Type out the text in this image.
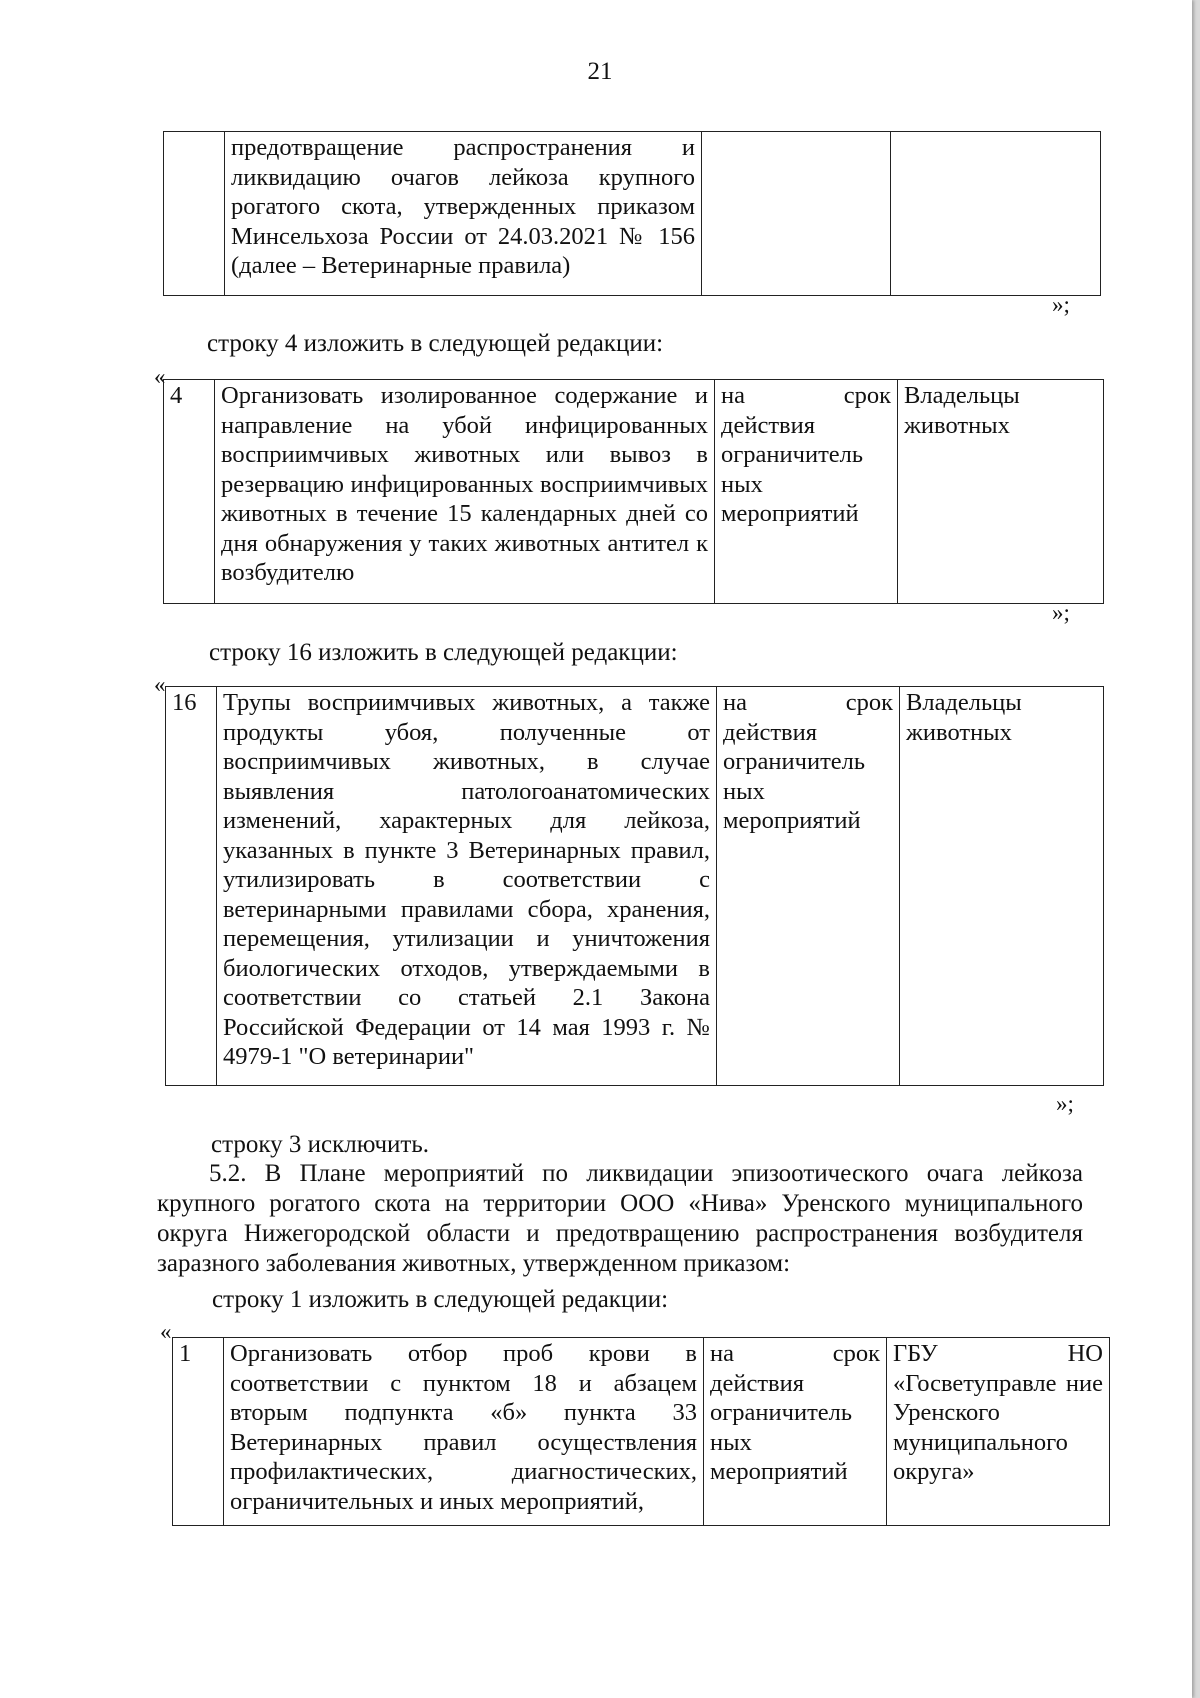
21
	предотвращение распространения и ликвидацию очагов лейкоза крупного рогатого скота, утвержденных приказом Минсельхоза России от 24.03.2021 № 156 (далее – Ветеринарные правила)		
»;
строку 4 изложить в следующей редакции:
«
4	Организовать изолированное содержание и направление на убой инфицированных восприимчивых животных или вывоз в резервацию инфицированных восприимчивых животных в течение 15 календарных дней со дня обнаружения у таких животных антител к возбудителю	на срок действия ограничитель ных мероприятий	Владельцы животных
»;
строку 16 изложить в следующей редакции:
«
16	Трупы восприимчивых животных, а также продукты убоя, полученные от восприимчивых животных, в случае выявления патологоанатомических изменений, характерных для лейкоза, указанных в пункте 3 Ветеринарных правил, утилизировать в соответствии с ветеринарными правилами сбора, хранения, перемещения, утилизации и уничтожения биологических отходов, утверждаемыми в соответствии со статьей 2.1 Закона Российской Федерации от 14 мая 1993 г. № 4979-1 "О ветеринарии"	на срок действия ограничитель ных мероприятий	Владельцы животных
»;
строку 3 исключить.
5.2. В Плане мероприятий по ликвидации эпизоотического очага лейкоза крупного рогатого скота на территории ООО «Нива» Уренского муниципального округа Нижегородской области и предотвращению распространения возбудителя заразного заболевания животных, утвержденном приказом:
строку 1 изложить в следующей редакции:
«
1	Организовать отбор проб крови в соответствии с пунктом 18 и абзацем вторым подпункта «б» пункта 33 Ветеринарных правил осуществления профилактических, диагностических, ограничительных и иных мероприятий,	на срок действия ограничитель ных мероприятий	ГБУ НО «Госветуправле ние Уренского муниципального округа»
